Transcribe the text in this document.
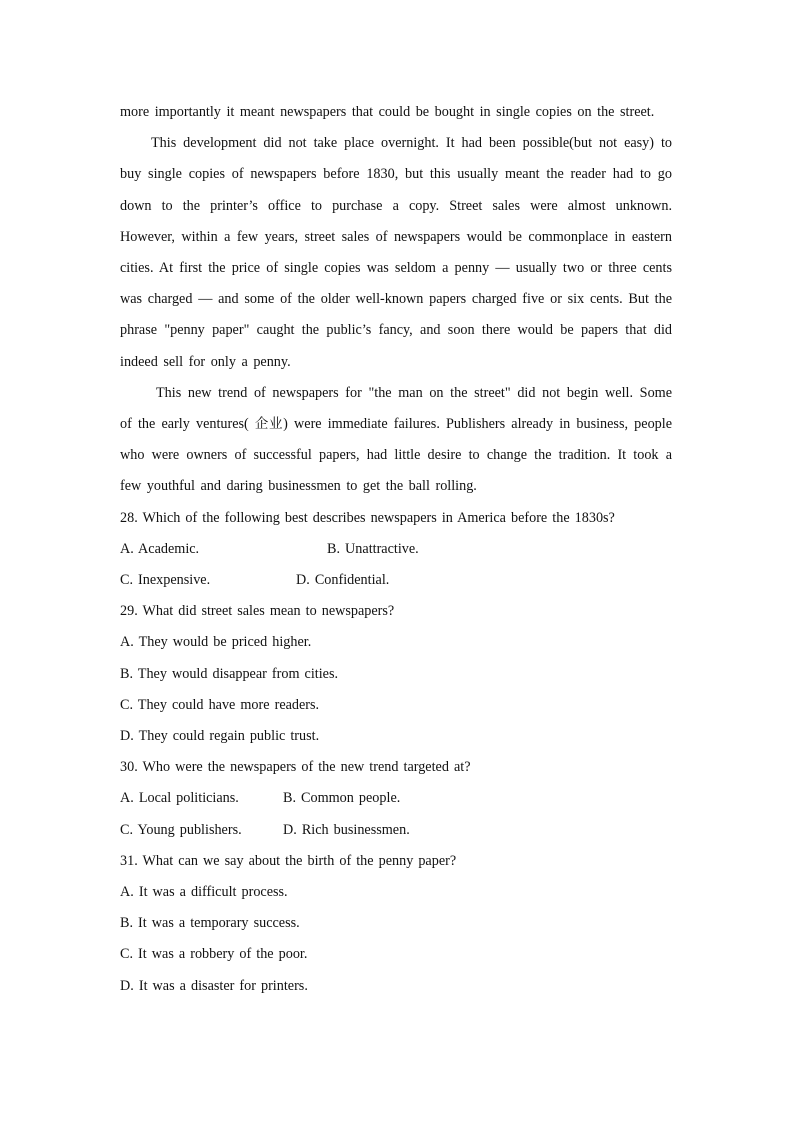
more importantly it meant newspapers that could be bought in single copies on the street.

This development did not take place overnight. It had been possible(but not easy) to buy single copies of newspapers before 1830, but this usually meant the reader had to go down to the printer’s office to purchase a copy. Street sales were almost unknown. However, within a few years, street sales of newspapers would be commonplace in eastern cities. At first the price of single copies was seldom a penny — usually two or three cents was charged — and some of the older well-known papers charged five or six cents. But the phrase "penny paper" caught the public’s fancy, and soon there would be papers that did indeed sell for only a penny.

This new trend of newspapers for "the man on the street" did not begin well. Some of the early ventures( 企业) were immediate failures. Publishers already in business, people who were owners of successful papers, had little desire to change the tradition. It took a few youthful and daring businessmen to get the ball rolling.

28. Which of the following best describes newspapers in America before the 1830s?

A. Academic.	B. Unattractive.
C. Inexpensive.	D. Confidential.

29. What did street sales mean to newspapers?

A. They would be priced higher.

B. They would disappear from cities.

C. They could have more readers.

D. They could regain public trust.

30. Who were the newspapers of the new trend targeted at?

A. Local politicians.	B. Common people.
C. Young publishers.	D. Rich businessmen.

31. What can we say about the birth of the penny paper?

A. It was a difficult process.

B. It was a temporary success.

C. It was a robbery of the poor.

D. It was a disaster for printers.
